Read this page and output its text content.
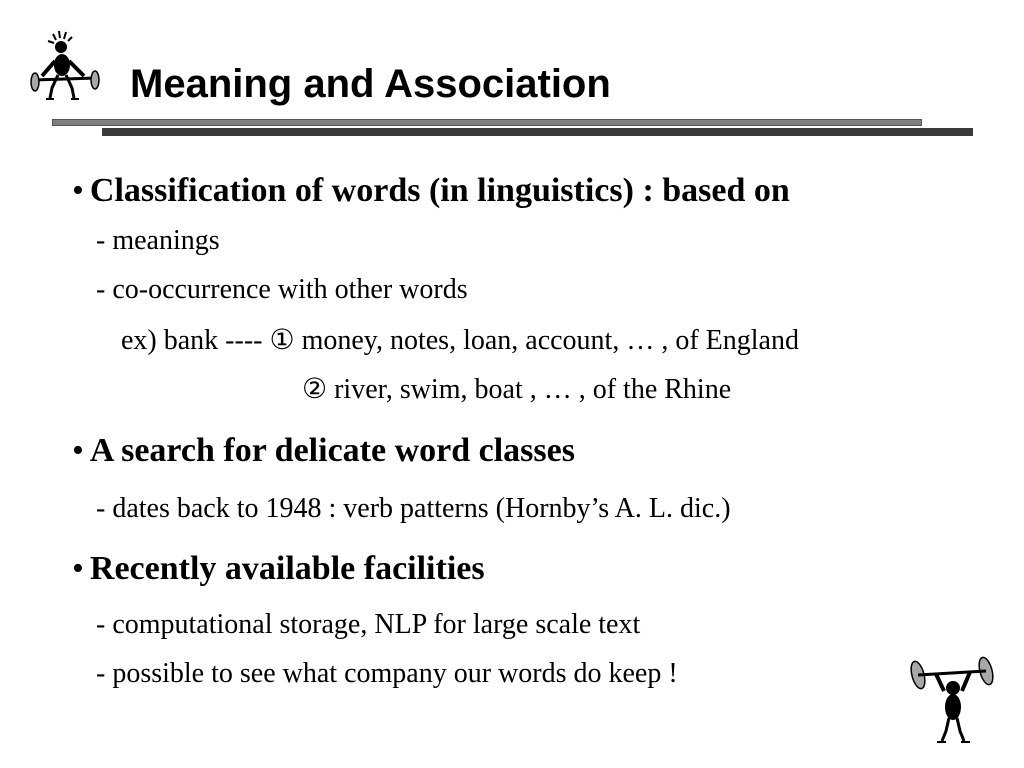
Meaning and Association
• Classification of words (in linguistics) : based on
- meanings
- co-occurrence with other words
ex) bank ---- ① money, notes, loan, account, … , of England
② river, swim, boat , … , of the Rhine
• A search for delicate word classes
- dates back to 1948 : verb patterns (Hornby’s A. L. dic.)
• Recently available facilities
- computational storage, NLP for large scale text
- possible to see what company our words do keep !
